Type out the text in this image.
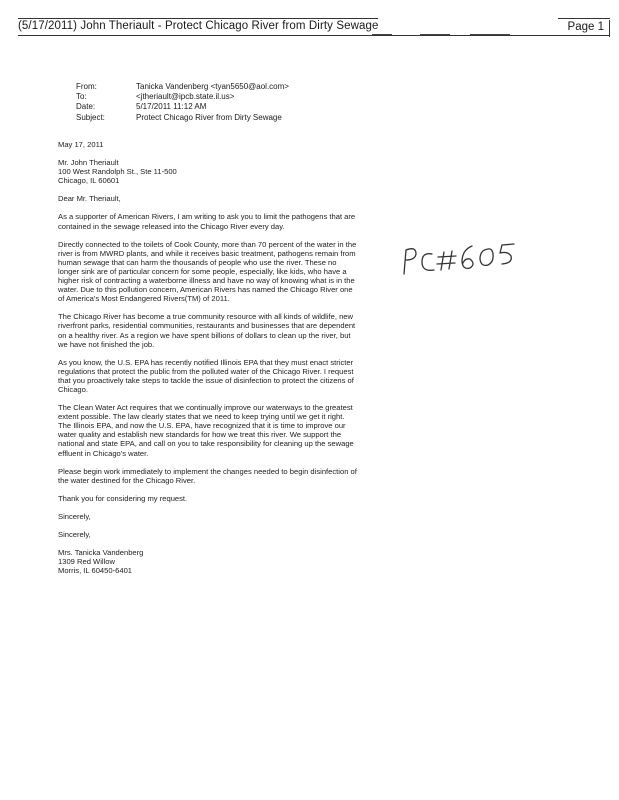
(5/17/2011) John Theriault - Protect Chicago River from Dirty Sewage	Page 1
From:	Tanicka Vandenberg <tyan5650@aol.com>
To:	<jtheriault@ipcb.state.il.us>
Date:	5/17/2011 11:12 AM
Subject:	Protect Chicago River from Dirty Sewage

May 17, 2011

Mr. John Theriault
100 West Randolph St., Ste 11-500
Chicago, IL 60601

Dear Mr. Theriault,

As a supporter of American Rivers, I am writing to ask you to limit the pathogens that are contained in the sewage released into the Chicago River every day.

Directly connected to the toilets of Cook County, more than 70 percent of the water in the river is from MWRD plants, and while it receives basic treatment, pathogens remain from human sewage that can harm the thousands of people who use the river. These no longer sink are of particular concern for some people, especially, like kids, who have a higher risk of contracting a waterborne illness and have no way of knowing what is in the water. Due to this pollution concern, American Rivers has named the Chicago River one of America's Most Endangered Rivers(TM) of 2011.

The Chicago River has become a true community resource with all kinds of wildlife, new riverfront parks, residential communities, restaurants and businesses that are dependent on a healthy river. As a region we have spent billions of dollars to clean up the river, but we have not finished the job.

As you know, the U.S. EPA has recently notified Illinois EPA that they must enact stricter regulations that protect the public from the polluted water of the Chicago River. I request that you proactively take steps to tackle the issue of disinfection to protect the citizens of Chicago.

The Clean Water Act requires that we continually improve our waterways to the greatest extent possible. The law clearly states that we need to keep trying until we get it right. The Illinois EPA, and now the U.S. EPA, have recognized that it is time to improve our water quality and establish new standards for how we treat this river. We support the national and state EPA, and call on you to take responsibility for cleaning up the sewage effluent in Chicago's water.

Please begin work immediately to implement the changes needed to begin disinfection of the water destined for the Chicago River.

Thank you for considering my request.

Sincerely,

Sincerely,

Mrs. Tanicka Vandenberg
1309 Red Willow
Morris, IL 60450-6401
